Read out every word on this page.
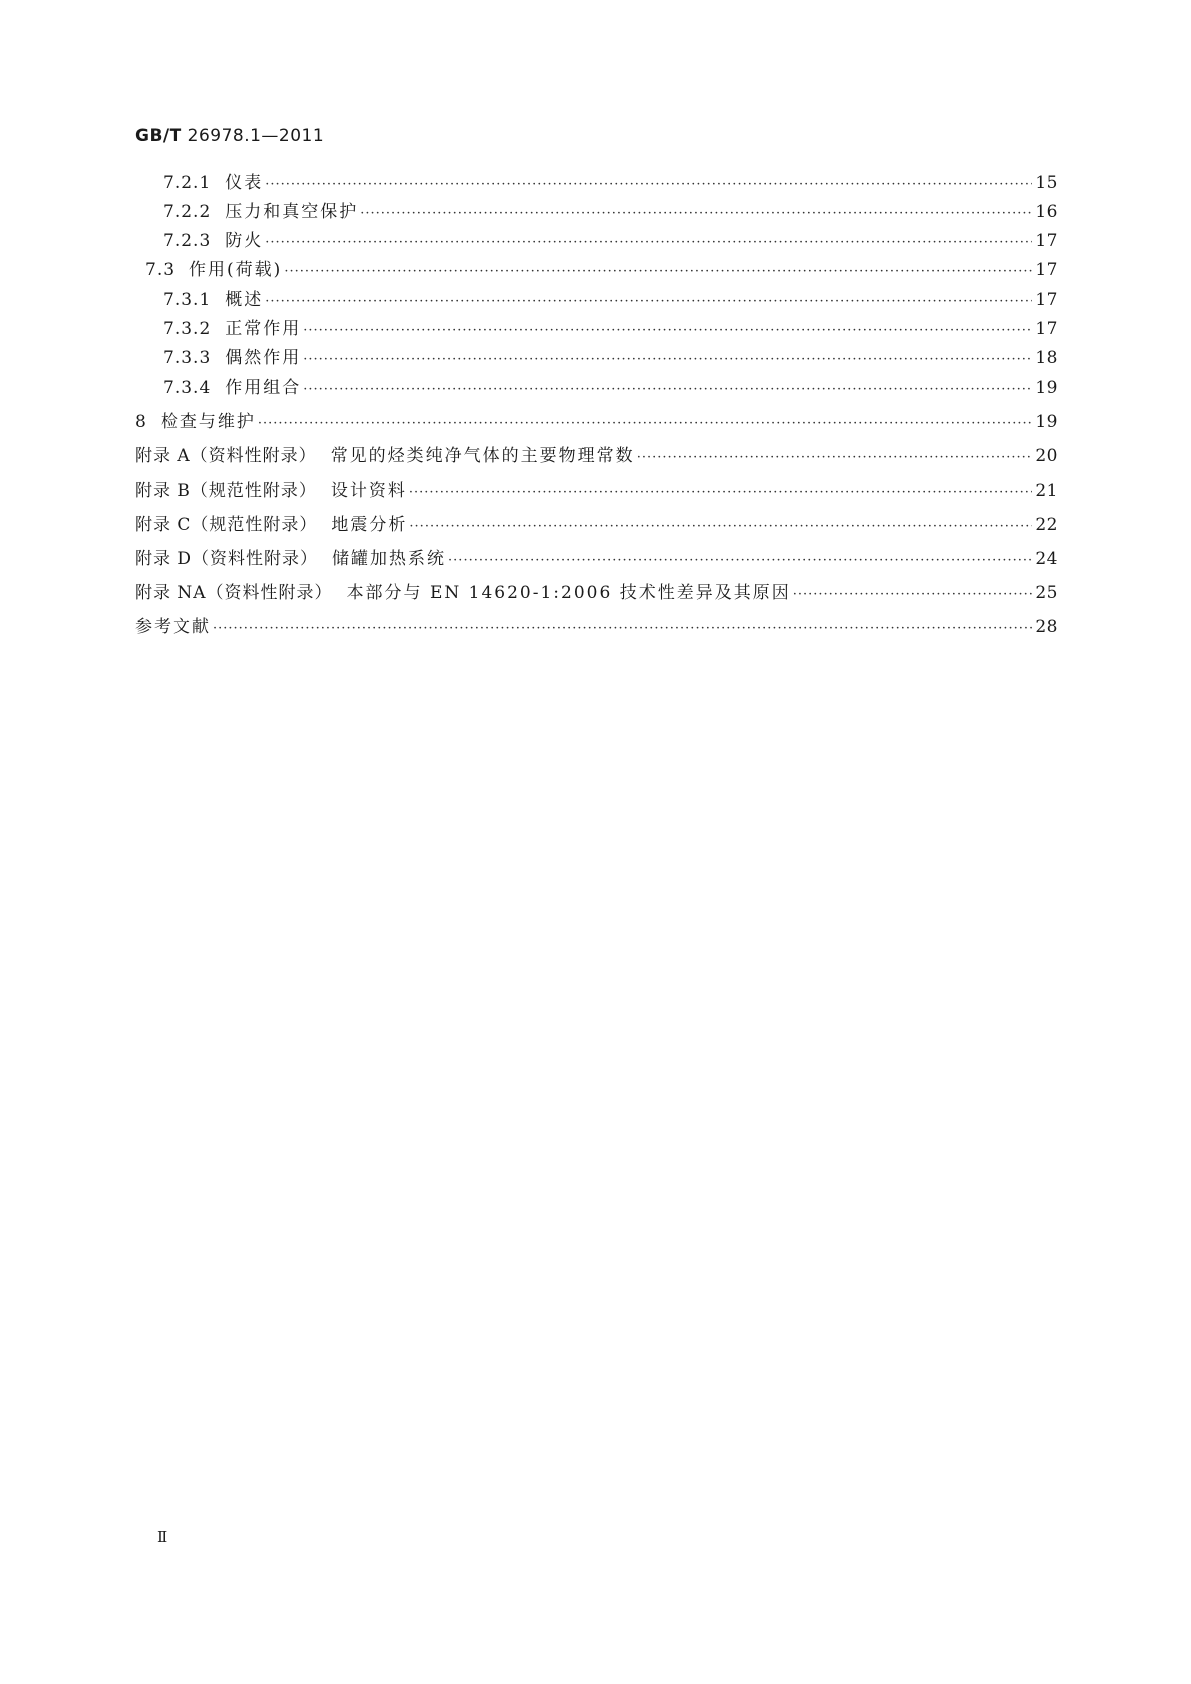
GB/T 26978.1—2011
7.2.1 仪表 ·····	15
7.2.2 压力和真空保护 ·····	16
7.2.3 防火 ·····	17
7.3 作用(荷载) ·····	17
7.3.1 概述 ·····	17
7.3.2 正常作用 ·····	17
7.3.3 偶然作用 ·····	18
7.3.4 作用组合 ·····	19
8 检查与维护 ·····	19
附录 A（资料性附录） 常见的烃类纯净气体的主要物理常数 ·····	20
附录 B（规范性附录） 设计资料 ·····	21
附录 C（规范性附录） 地震分析 ·····	22
附录 D（资料性附录） 储罐加热系统 ·····	24
附录 NA（资料性附录） 本部分与 EN 14620-1:2006 技术性差异及其原因 ·····	25
参考文献 ·····	28
Ⅱ
